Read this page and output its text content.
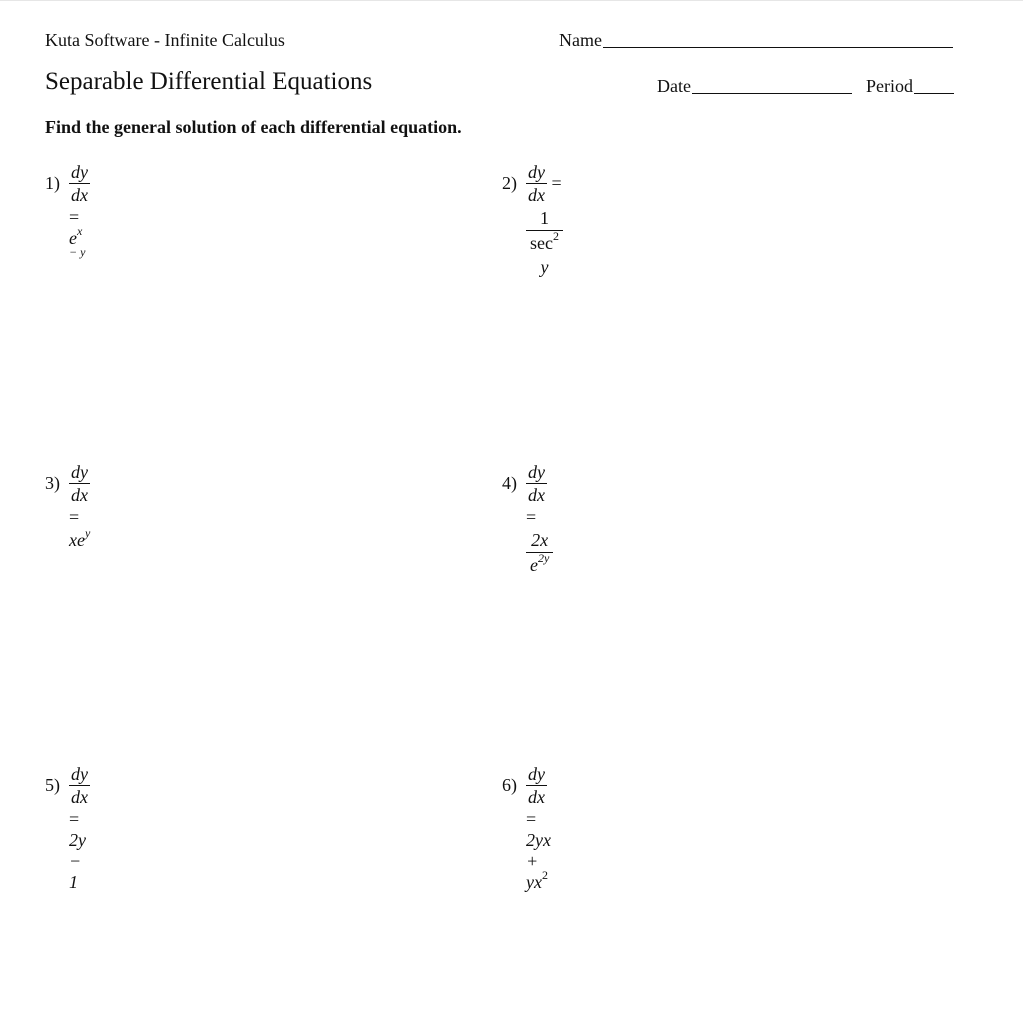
Kuta Software - Infinite Calculus	Name
Separable Differential Equations	Date	Period
Find the general solution of each differential equation.
$1) \frac{dy}{dx}$
= $e^{x - y}$
$2) \frac{dy}{dx}$ =
$\frac{1}{\sec^2 y}$
$3) \frac{dy}{dx}$
= $xe^y$
$4) \frac{dy}{dx}$
=
$\frac{2x}{e^{2y}}$
$5) \frac{dy}{dx}$
= 2y − 1
$6) \frac{dy}{dx}$
= $2yx + yx^2$
